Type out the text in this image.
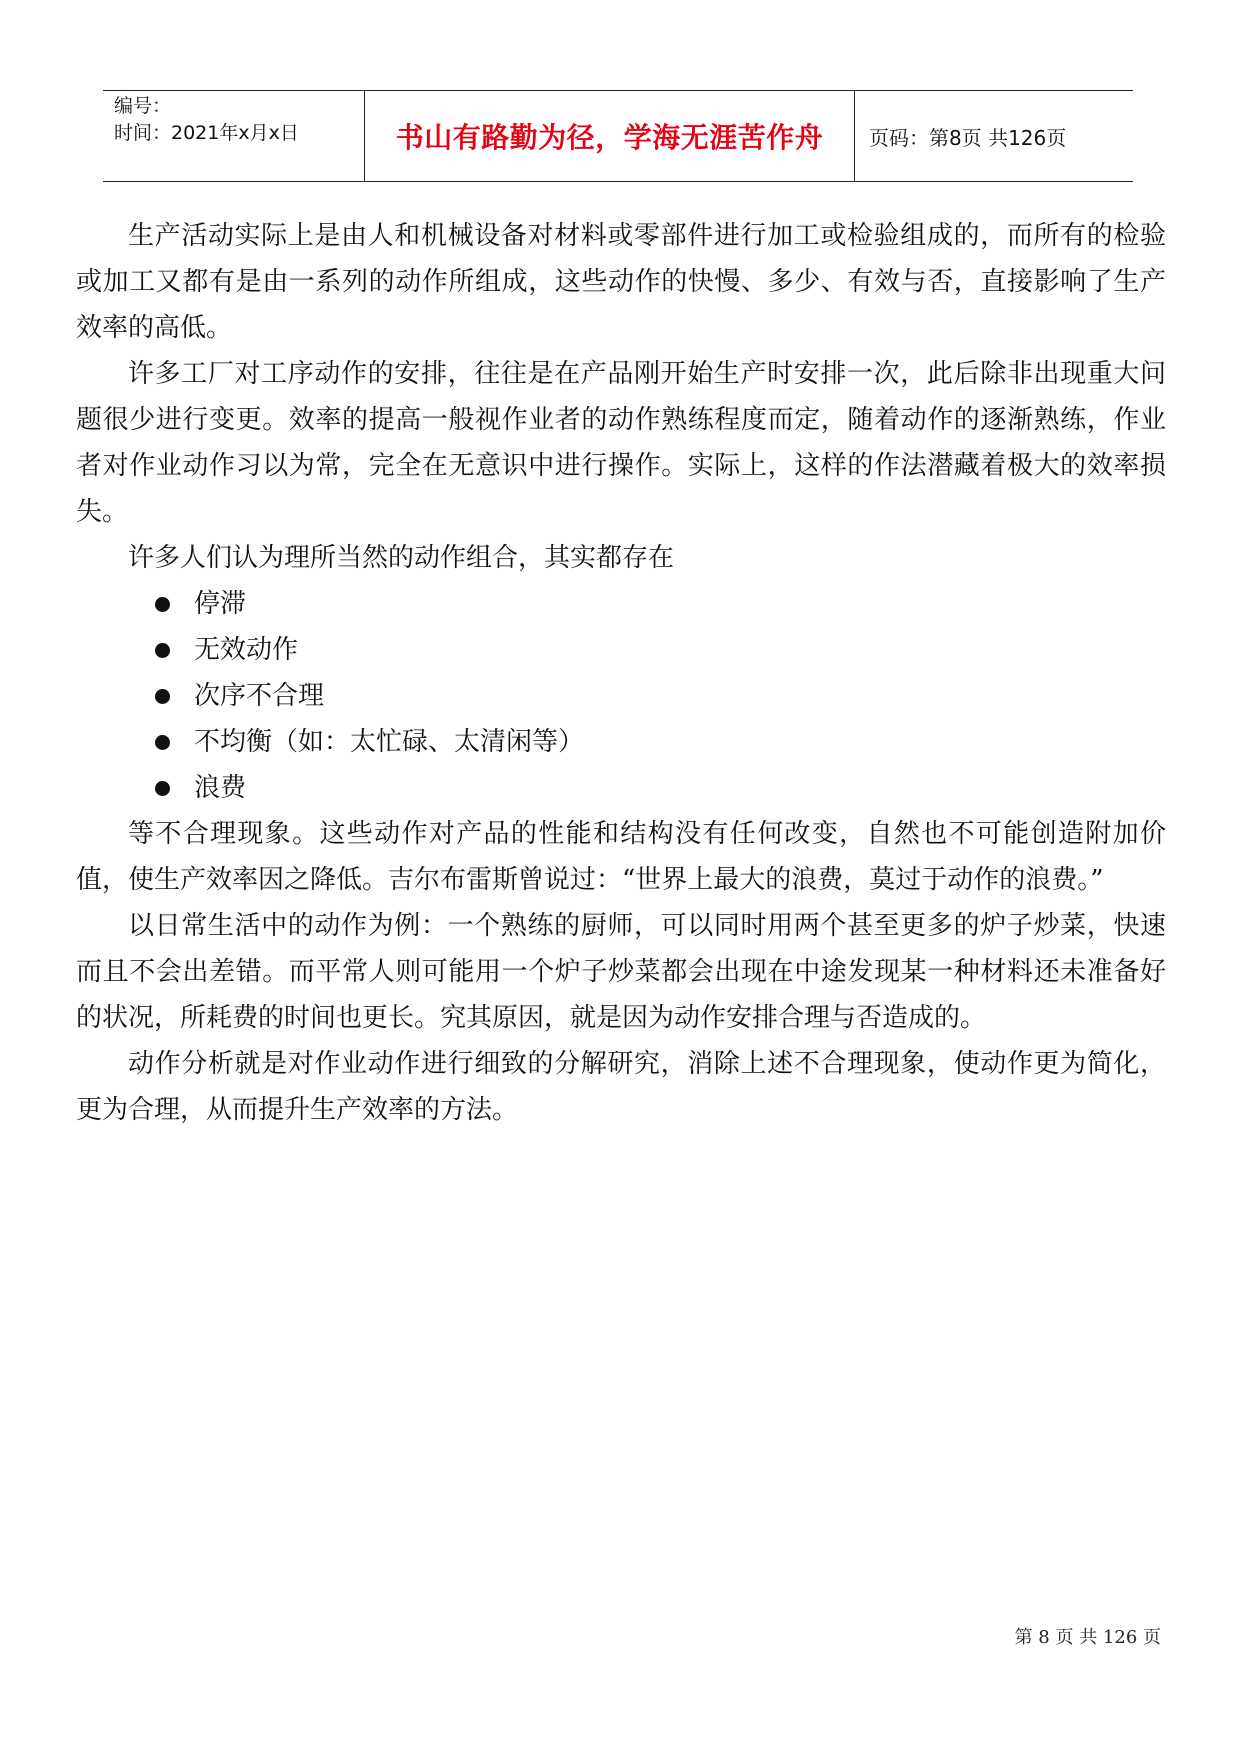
编号：
时间：2021年x月x日	书山有路勤为径，学海无涯苦作舟 页码：第8页 共126页

生产活动实际上是由人和机械设备对材料或零部件进行加工或检验组成的，而所有的检验或加工又都有是由一系列的动作所组成，这些动作的快慢、多少、有效与否，直接影响了生产效率的高低。

许多工厂对工序动作的安排，往往是在产品刚开始生产时安排一次，此后除非出现重大问题很少进行变更。效率的提高一般视作业者的动作熟练程度而定，随着动作的逐渐熟练，作业者对作业动作习以为常，完全在无意识中进行操作。实际上，这样的作法潜藏着极大的效率损失。

许多人们认为理所当然的动作组合，其实都存在

停滞
无效动作
次序不合理
不均衡（如：太忙碌、太清闲等）
浪费

等不合理现象。这些动作对产品的性能和结构没有任何改变，自然也不可能创造附加价值，使生产效率因之降低。吉尔布雷斯曾说过：“世界上最大的浪费，莫过于动作的浪费。”

以日常生活中的动作为例：一个熟练的厨师，可以同时用两个甚至更多的炉子炒菜，快速而且不会出差错。而平常人则可能用一个炉子炒菜都会出现在中途发现某一种材料还未准备好的状况，所耗费的时间也更长。究其原因，就是因为动作安排合理与否造成的。

动作分析就是对作业动作进行细致的分解研究，消除上述不合理现象，使动作更为简化，更为合理，从而提升生产效率的方法。

第 8 页 共 126 页
